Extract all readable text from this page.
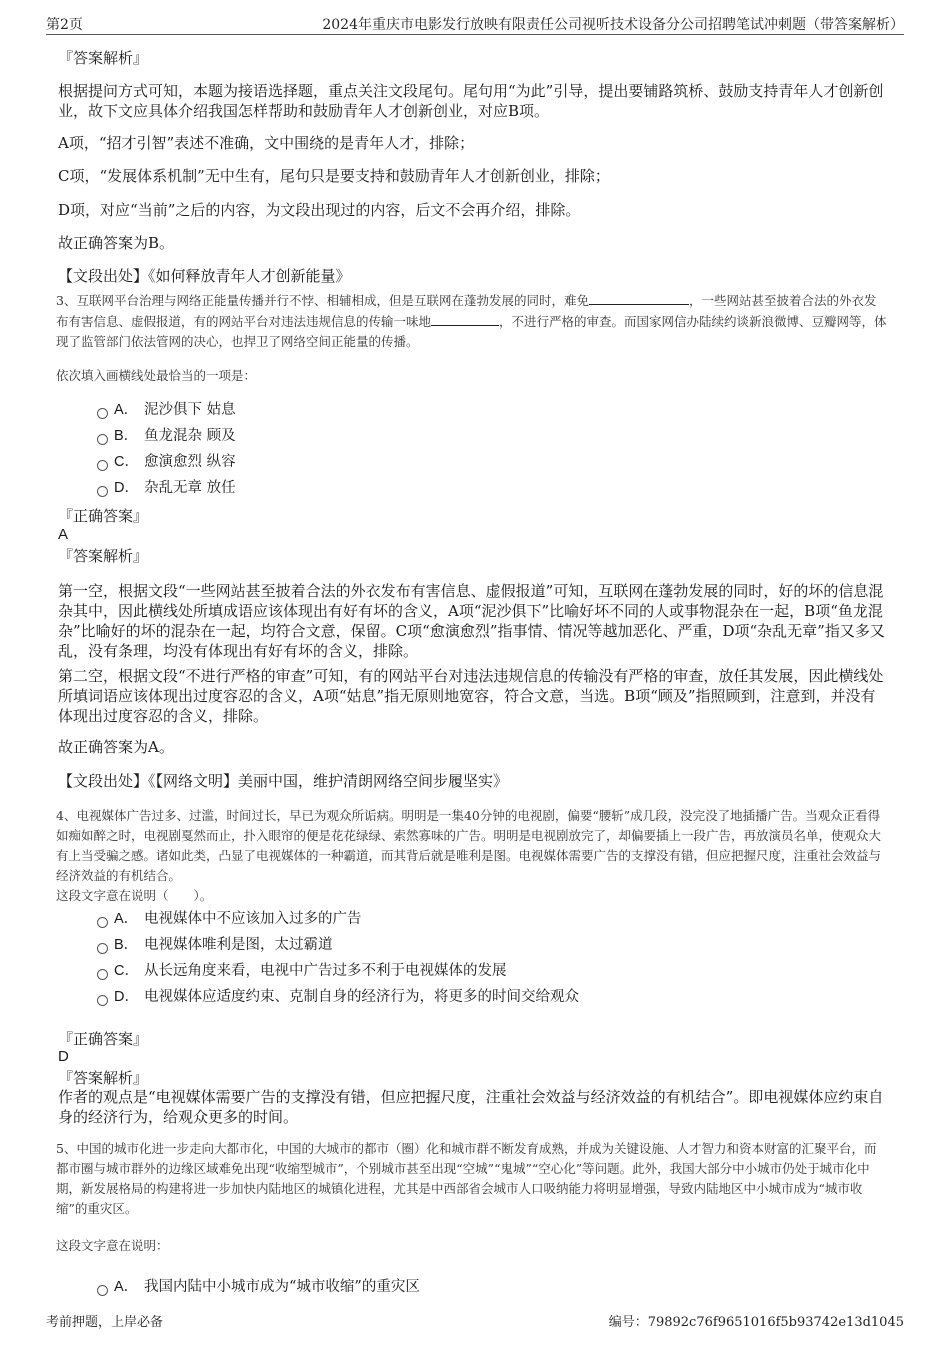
第2页	2024年重庆市电影发行放映有限责任公司视听技术设备分公司招聘笔试冲刺题（带答案解析）
『答案解析』
根据提问方式可知，本题为接语选择题，重点关注文段尾句。尾句用“为此”引导，提出要铺路筑桥、鼓励支持青年人才创新创业，故下文应具体介绍我国怎样帮助和鼓励青年人才创新创业，对应B项。
A项，“招才引智”表述不准确，文中围绕的是青年人才，排除；
C项，“发展体系机制”无中生有，尾句只是要支持和鼓励青年人才创新创业，排除；
D项，对应“当前”之后的内容，为文段出现过的内容，后文不会再介绍，排除。
故正确答案为B。
【文段出处】《如何释放青年人才创新能量》
3、互联网平台治理与网络正能量传播并行不悖、相辅相成，但是互联网在蓬勃发展的同时，难免	，一些网站甚至披着合法的外衣发布有害信息、虚假报道，有的网站平台对违法违规信息的传输一味地	，不进行严格的审查。而国家网信办陆续约谈新浪微博、豆瓣网等，体现了监管部门依法管网的决心，也捍卫了网络空间正能量的传播。
依次填入画横线处最恰当的一项是：
A． 泥沙俱下 姑息
B． 鱼龙混杂 顾及
C． 愈演愈烈 纵容
D． 杂乱无章 放任
『正确答案』
A
『答案解析』
第一空，根据文段“一些网站甚至披着合法的外衣发布有害信息、虚假报道”可知，互联网在蓬勃发展的同时，好的坏的信息混杂其中，因此横线处所填成语应该体现出有好有坏的含义，A项“泥沙俱下”比喻好坏不同的人或事物混杂在一起，B项“鱼龙混杂”比喻好的坏的混杂在一起，均符合文意，保留。C项“愈演愈烈”指事情、情况等越加恶化、严重，D项“杂乱无章”指又多又乱，没有条理，均没有体现出有好有坏的含义，排除。
第二空，根据文段“不进行严格的审查”可知，有的网站平台对违法违规信息的传输没有严格的审查，放任其发展，因此横线处所填词语应该体现出过度容忍的含义，A项“姑息”指无原则地宽容，符合文意，当选。B项“顾及”指照顾到，注意到，并没有体现出过度容忍的含义，排除。
故正确答案为A。
【文段出处】《【网络文明】美丽中国，维护清朗网络空间步履坚实》
4、电视媒体广告过多、过滥，时间过长，早已为观众所诟病。明明是一集40分钟的电视剧，偏要“腰斩”成几段，没完没了地插播广告。当观众正看得如痴如醉之时，电视剧戛然而止，扑入眼帘的便是花花绿绿、索然寡味的广告。明明是电视剧放完了，却偏要插上一段广告，再放演员名单，使观众大有上当受骗之感。诸如此类，凸显了电视媒体的一种霸道，而其背后就是唯利是图。电视媒体需要广告的支撑没有错，但应把握尺度，注重社会效益与经济效益的有机结合。
这段文字意在说明（　　）。
A． 电视媒体中不应该加入过多的广告
B． 电视媒体唯利是图，太过霸道
C． 从长远角度来看，电视中广告过多不利于电视媒体的发展
D． 电视媒体应适度约束、克制自身的经济行为，将更多的时间交给观众
『正确答案』
D
『答案解析』
作者的观点是“电视媒体需要广告的支撑没有错，但应把握尺度，注重社会效益与经济效益的有机结合”。即电视媒体应约束自身的经济行为，给观众更多的时间。
5、中国的城市化进一步走向大都市化，中国的大城市的都市（圈）化和城市群不断发育成熟，并成为关键设施、人才智力和资本财富的汇聚平台，而都市圈与城市群外的边缘区域难免出现“收缩型城市”，个别城市甚至出现“空城”“鬼城”“空心化”等问题。此外，我国大部分中小城市仍处于城市化中期，新发展格局的构建将进一步加快内陆地区的城镇化进程，尤其是中西部省会城市人口吸纳能力将明显增强，导致内陆地区中小城市成为“城市收缩”的重灾区。
这段文字意在说明：
A． 我国内陆中小城市成为“城市收缩”的重灾区
考前押题，上岸必备	编号：79892c76f9651016f5b93742e13d1045
